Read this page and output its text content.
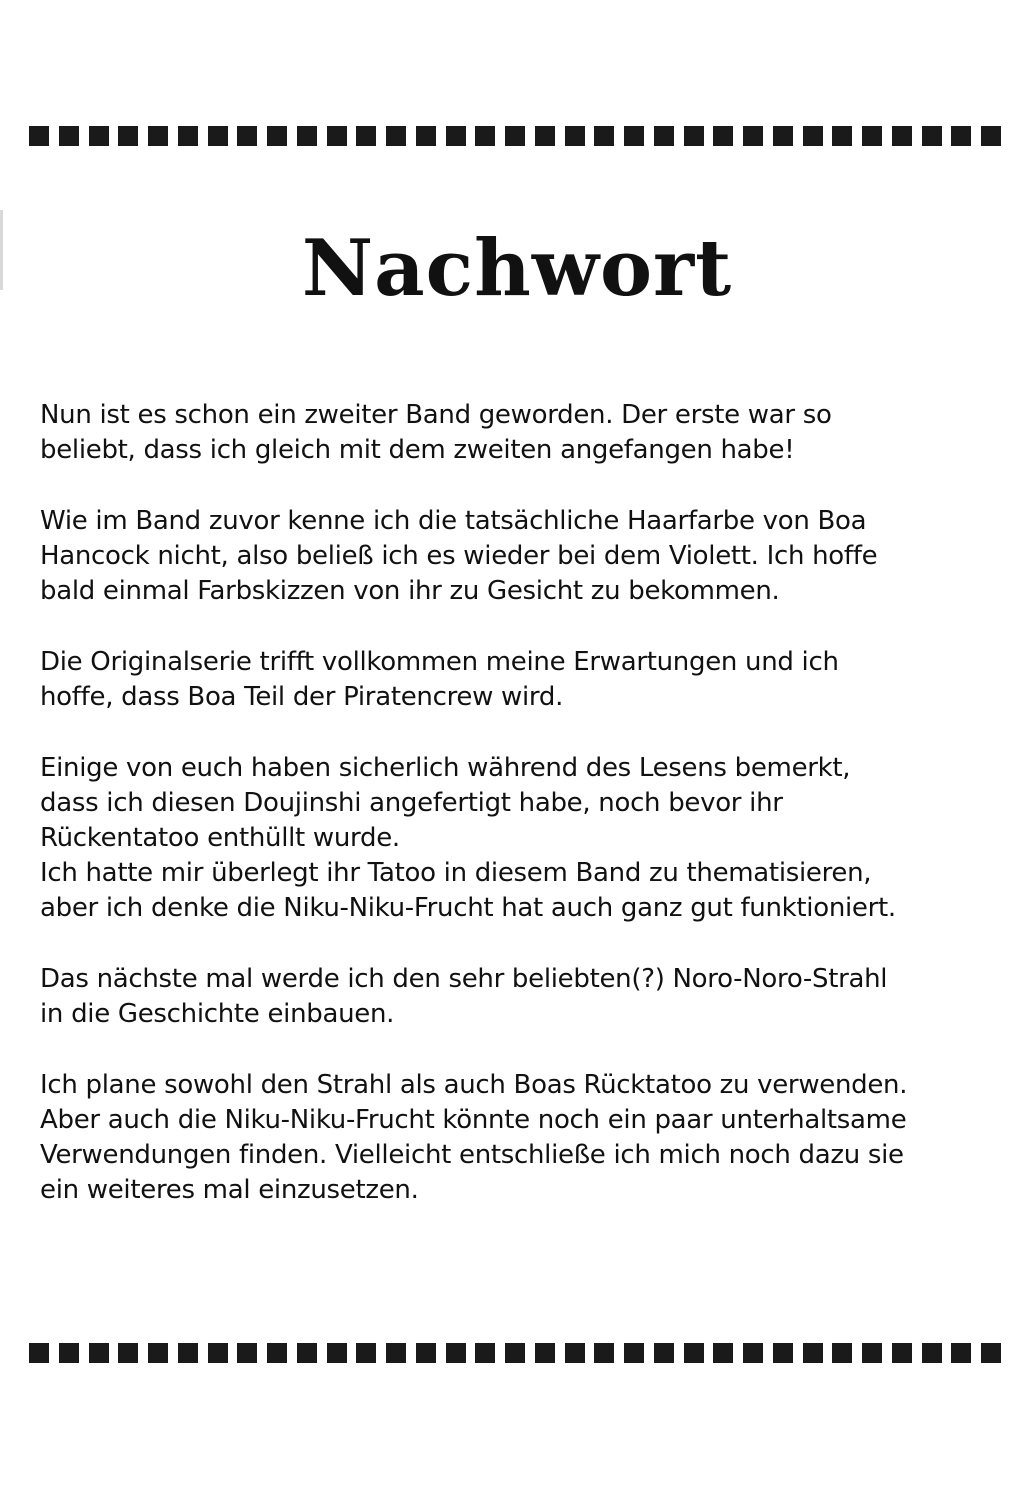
Nachwort

Nun ist es schon ein zweiter Band geworden. Der erste war so
beliebt, dass ich gleich mit dem zweiten angefangen habe!

Wie im Band zuvor kenne ich die tatsächliche Haarfarbe von Boa
Hancock nicht, also beließ ich es wieder bei dem Violett. Ich hoffe
bald einmal Farbskizzen von ihr zu Gesicht zu bekommen.

Die Originalserie trifft vollkommen meine Erwartungen und ich
hoffe, dass Boa Teil der Piratencrew wird.

Einige von euch haben sicherlich während des Lesens bemerkt,
dass ich diesen Doujinshi angefertigt habe, noch bevor ihr
Rückentatoo enthüllt wurde.
Ich hatte mir überlegt ihr Tatoo in diesem Band zu thematisieren,
aber ich denke die Niku-Niku-Frucht hat auch ganz gut funktioniert.

Das nächste mal werde ich den sehr beliebten(?) Noro-Noro-Strahl
in die Geschichte einbauen.

Ich plane sowohl den Strahl als auch Boas Rücktatoo zu verwenden.
Aber auch die Niku-Niku-Frucht könnte noch ein paar unterhaltsame
Verwendungen finden. Vielleicht entschließe ich mich noch dazu sie
ein weiteres mal einzusetzen.
